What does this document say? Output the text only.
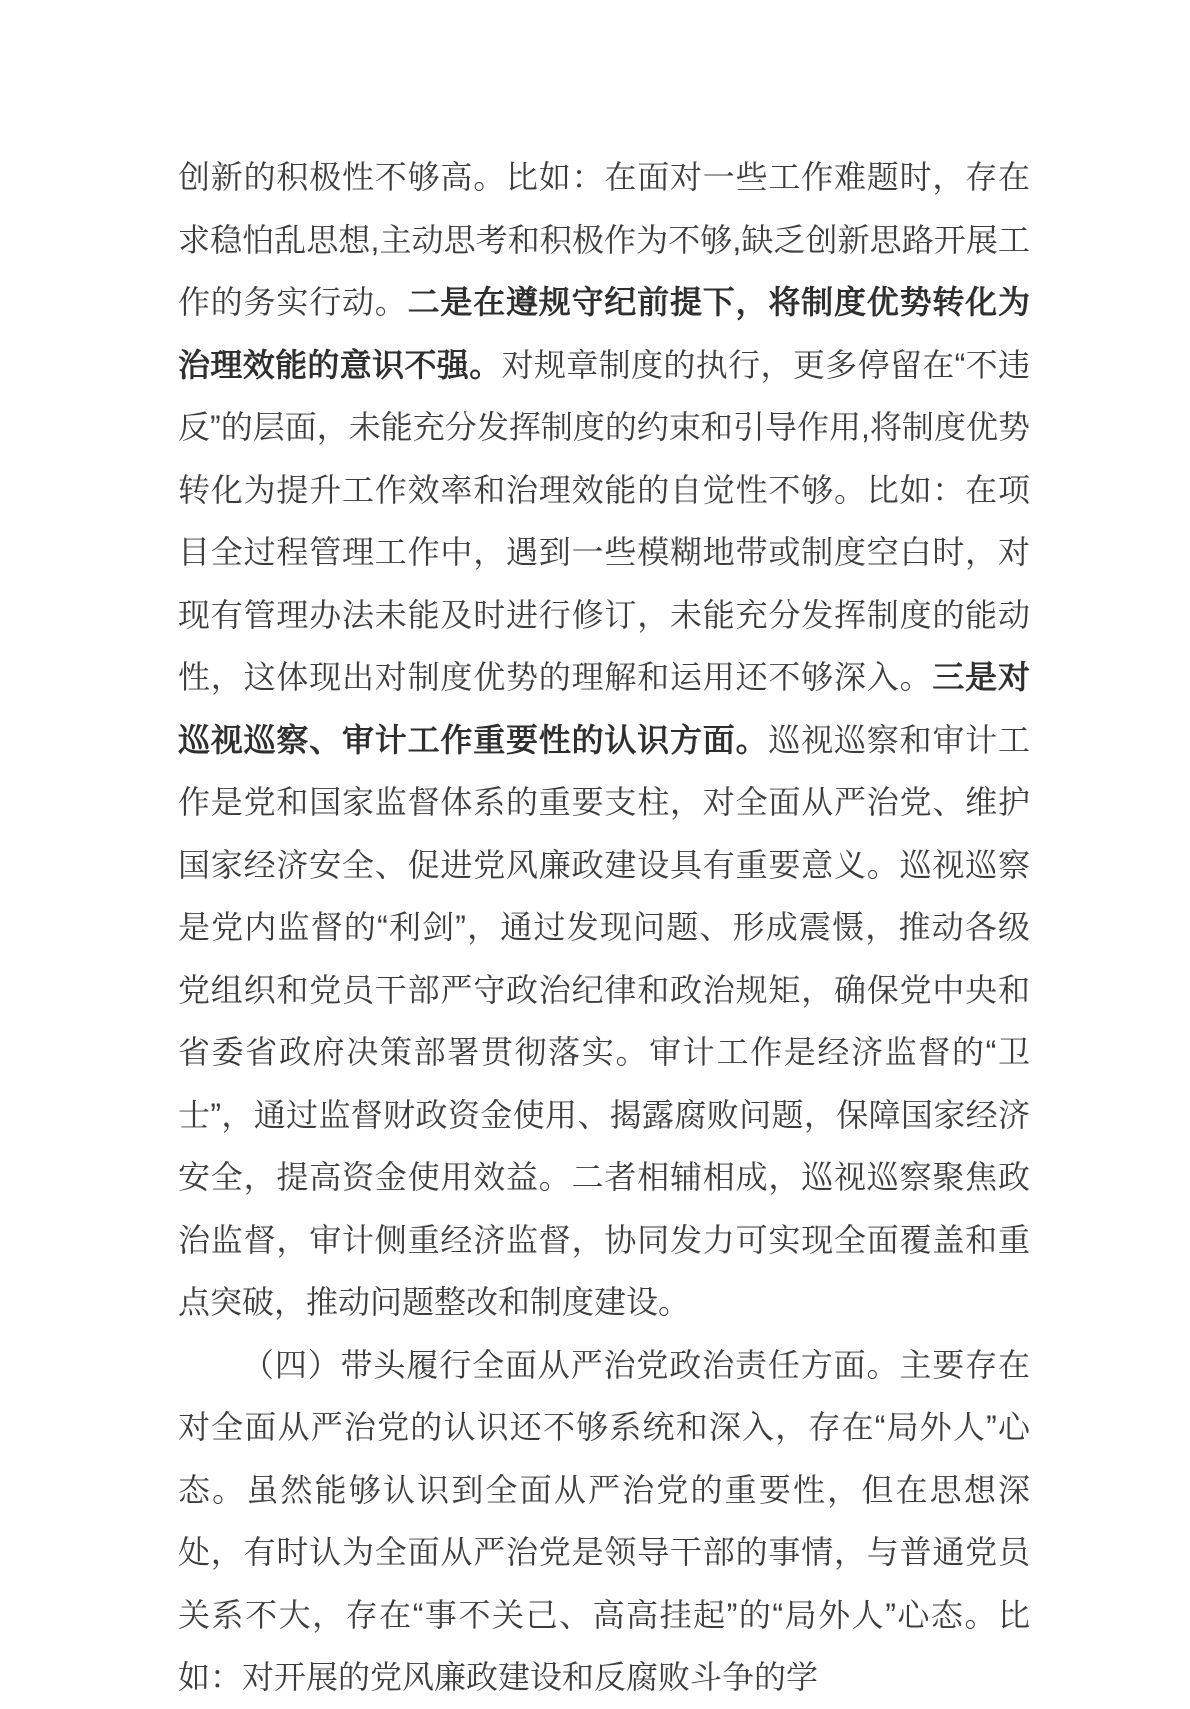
创新的积极性不够高。比如：在面对一些工作难题时，存在求稳怕乱思想,主动思考和积极作为不够,缺乏创新思路开展工作的务实行动。二是在遵规守纪前提下，将制度优势转化为治理效能的意识不强。对规章制度的执行，更多停留在“不违反”的层面，未能充分发挥制度的约束和引导作用,将制度优势转化为提升工作效率和治理效能的自觉性不够。比如：在项目全过程管理工作中，遇到一些模糊地带或制度空白时，对现有管理办法未能及时进行修订，未能充分发挥制度的能动性，这体现出对制度优势的理解和运用还不够深入。三是对巡视巡察、审计工作重要性的认识方面。巡视巡察和审计工作是党和国家监督体系的重要支柱，对全面从严治党、维护国家经济安全、促进党风廉政建设具有重要意义。巡视巡察是党内监督的“利剑”，通过发现问题、形成震慑，推动各级党组织和党员干部严守政治纪律和政治规矩，确保党中央和省委省政府决策部署贯彻落实。审计工作是经济监督的“卫士”，通过监督财政资金使用、揭露腐败问题，保障国家经济安全，提高资金使用效益。二者相辅相成，巡视巡察聚焦政治监督，审计侧重经济监督，协同发力可实现全面覆盖和重点突破，推动问题整改和制度建设。

（四）带头履行全面从严治党政治责任方面。主要存在对全面从严治党的认识还不够系统和深入，存在“局外人”心态。虽然能够认识到全面从严治党的重要性，但在思想深处，有时认为全面从严治党是领导干部的事情，与普通党员关系不大，存在“事不关己、高高挂起”的“局外人”心态。比如：对开展的党风廉政建设和反腐败斗争的学
